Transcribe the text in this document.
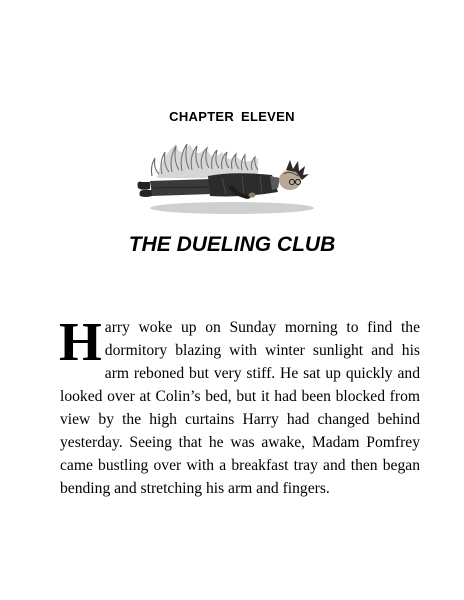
CHAPTER ELEVEN
THE DUELING CLUB
Harry woke up on Sunday morning to find the dormitory blazing with winter sunlight and his arm reboned but very stiff. He sat up quickly and looked over at Colin’s bed, but it had been blocked from view by the high curtains Harry had changed behind yesterday. Seeing that he was awake, Madam Pomfrey came bustling over with a breakfast tray and then began bending and stretching his arm and fingers.
